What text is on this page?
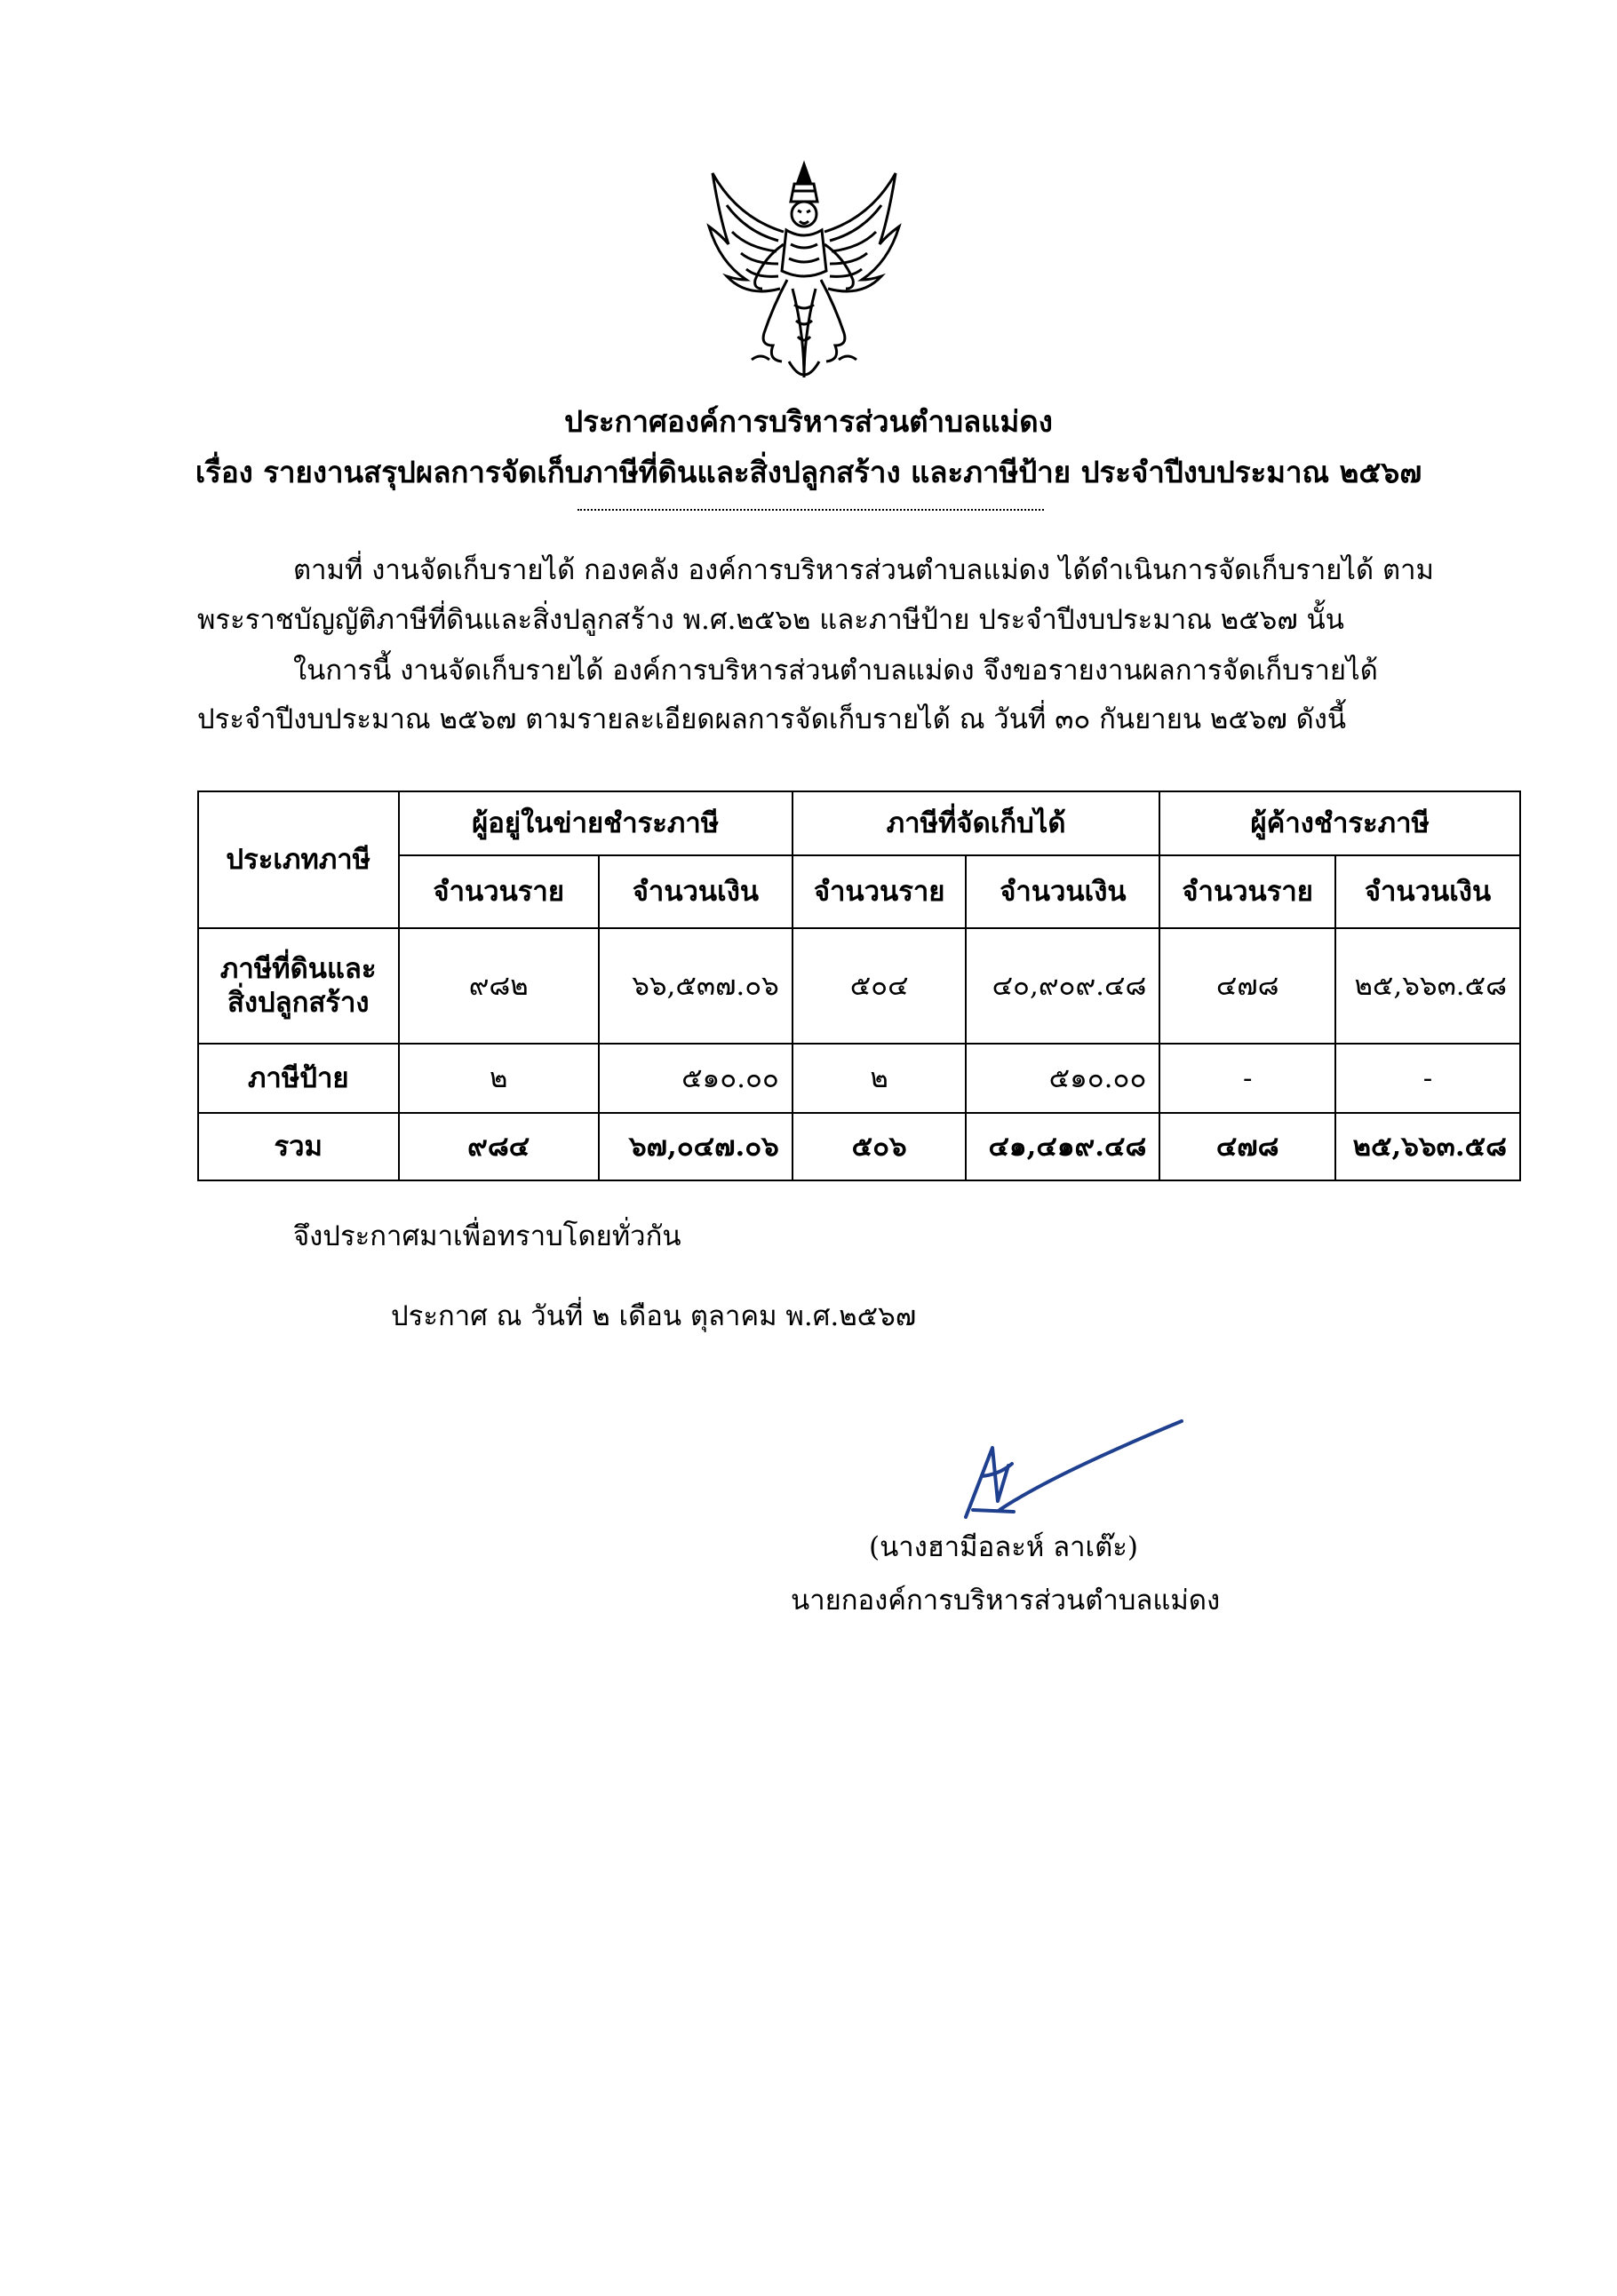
ประกาศองค์การบริหารส่วนตำบลแม่ดง
เรื่อง รายงานสรุปผลการจัดเก็บภาษีที่ดินและสิ่งปลูกสร้าง และภาษีป้าย ประจำปีงบประมาณ ๒๕๖๗
ตามที่ งานจัดเก็บรายได้ กองคลัง องค์การบริหารส่วนตำบลแม่ดง ได้ดำเนินการจัดเก็บรายได้ ตาม
พระราชบัญญัติภาษีที่ดินและสิ่งปลูกสร้าง พ.ศ.๒๕๖๒ และภาษีป้าย ประจำปีงบประมาณ ๒๕๖๗ นั้น
ในการนี้ งานจัดเก็บรายได้ องค์การบริหารส่วนตำบลแม่ดง จึงขอรายงานผลการจัดเก็บรายได้
ประจำปีงบประมาณ ๒๕๖๗ ตามรายละเอียดผลการจัดเก็บรายได้ ณ วันที่ ๓๐ กันยายน ๒๕๖๗ ดังนี้
ประเภทภาษี	ผู้อยู่ในข่ายชำระภาษี		ภาษีที่จัดเก็บได้		ผู้ค้างชำระภาษี	
	จำนวนราย	จำนวนเงิน	จำนวนราย	จำนวนเงิน	จำนวนราย	จำนวนเงิน

ภาษีที่ดินและ
สิ่งปลูกสร้าง	๙๘๒	๖๖,๕๓๗.๐๖	๕๐๔	๔๐,๙๐๙.๔๘	๔๗๘	๒๕,๖๖๓.๕๘
ภาษีป้าย	๒	๕๑๐.๐๐	๒	๕๑๐.๐๐	-	-
รวม	๙๘๔	๖๗,๐๔๗.๐๖	๕๐๖	๔๑,๔๑๙.๔๘	๔๗๘	๒๕,๖๖๓.๕๘
จึงประกาศมาเพื่อทราบโดยทั่วกัน
ประกาศ ณ วันที่ ๒ เดือน ตุลาคม พ.ศ.๒๕๖๗
(นางฮามีอละห์ ลาเต๊ะ)
นายกองค์การบริหารส่วนตำบลแม่ดง
